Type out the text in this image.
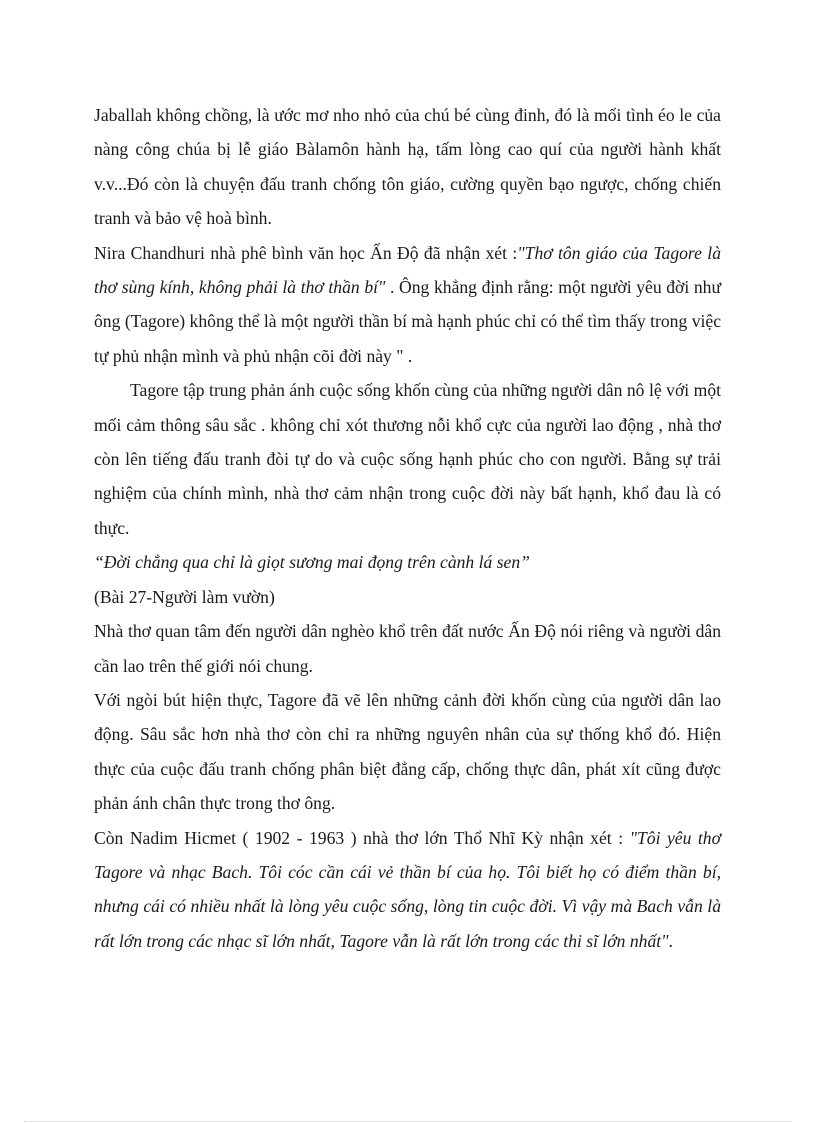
Jaballah không chồng, là ước mơ nho nhỏ của chú bé cùng đinh, đó là mối tình éo le của nàng công chúa bị lễ giáo Bàlamôn hành hạ, tấm lòng cao quí của người hành khất v.v...Đó còn là chuyện đấu tranh chống tôn giáo, cường quyền bạo ngược, chống chiến tranh và bảo vệ hoà bình.

Nira Chandhuri nhà phê bình văn học Ấn Độ đã nhận xét :"Thơ tôn giáo của Tagore là thơ sùng kính, không phải là thơ thần bí" . Ông khẳng định rằng: một người yêu đời như ông (Tagore) không thể là một người thần bí mà hạnh phúc chỉ có thể tìm thấy trong việc tự phủ nhận mình và phủ nhận cõi đời này " .

Tagore tập trung phản ánh cuộc sống khốn cùng của những người dân nô lệ với một mối cảm thông sâu sắc . không chỉ xót thương nỗi khổ cực của người lao động , nhà thơ còn lên tiếng đấu tranh đòi tự do và cuộc sống hạnh phúc cho con người. Bằng sự trải nghiệm của chính mình, nhà thơ cảm nhận trong cuộc đời này bất hạnh, khổ đau là có thực.

“Đời chẳng qua chỉ là giọt sương mai đọng trên cành lá sen”

(Bài 27-Người làm vườn)

Nhà thơ quan tâm đến người dân nghèo khổ trên đất nước Ấn Độ nói riêng và người dân cần lao trên thế giới nói chung.

Với ngòi bút hiện thực, Tagore đã vẽ lên những cảnh đời khốn cùng của người dân lao động. Sâu sắc hơn nhà thơ còn chỉ ra những nguyên nhân của sự thống khổ đó. Hiện thực của cuộc đấu tranh chống phân biệt đẳng cấp, chống thực dân, phát xít cũng được phản ánh chân thực trong thơ ông.

Còn Nadim Hicmet ( 1902 - 1963 ) nhà thơ lớn Thổ Nhĩ Kỳ nhận xét : "Tôi yêu thơ Tagore và nhạc Bach. Tôi cóc cần cái vẻ thần bí của họ. Tôi biết họ có điểm thần bí, nhưng cái có nhiều nhất là lòng yêu cuộc sống, lòng tin cuộc đời. Vì vậy mà Bach vẫn là rất lớn trong các nhạc sĩ lớn nhất, Tagore vẫn là rất lớn trong các thi sĩ lớn nhất".
